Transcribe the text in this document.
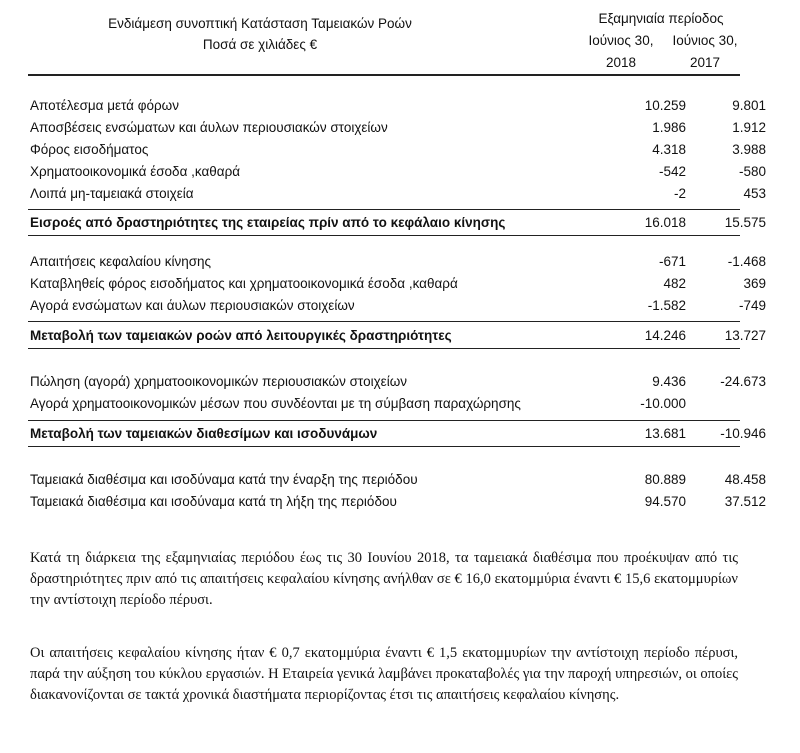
Ενδιάμεση συνοπτική Κατάσταση Ταμειακών Ροών
Ποσά σε χιλιάδες €
Εξαμηνιαία περίοδος
Ιούνιος 30,	Ιούνιος 30,
2018	2017
Αποτέλεσμα μετά φόρων	10.259	9.801
Αποσβέσεις ενσώματων και άυλων περιουσιακών στοιχείων	1.986	1.912
Φόρος εισοδήματος	4.318	3.988
Χρηματοοικονομικά έσοδα ,καθαρά	-542	-580
Λοιπά μη-ταμειακά στοιχεία	-2	453
Εισροές από δραστηριότητες της εταιρείας πρίν από το κεφάλαιο κίνησης	16.018	15.575
Απαιτήσεις κεφαλαίου κίνησης	-671	-1.468
Καταβληθείς φόρος εισοδήματος και χρηματοοικονομικά έσοδα ,καθαρά	482	369
Αγορά ενσώματων και άυλων περιουσιακών στοιχείων	-1.582	-749
Μεταβολή των ταμειακών ροών από λειτουργικές δραστηριότητες	14.246	13.727
Πώληση (αγορά) χρηματοοικονομικών περιουσιακών στοιχείων	9.436	-24.673
Αγορά χρηματοοικονομικών μέσων που συνδέονται με τη σύμβαση παραχώρησης	-10.000
Μεταβολή των ταμειακών διαθεσίμων και ισοδυνάμων	13.681	-10.946
Ταμειακά διαθέσιμα και ισοδύναμα κατά την έναρξη της περιόδου	80.889	48.458
Ταμειακά διαθέσιμα και ισοδύναμα κατά τη λήξη της περιόδου	94.570	37.512

Κατά τη διάρκεια της εξαμηνιαίας περιόδου έως τις 30 Ιουνίου 2018, τα ταμειακά διαθέσιμα που προέκυψαν από τις δραστηριότητες πριν από τις απαιτήσεις κεφαλαίου κίνησης ανήλθαν σε € 16,0 εκατομμύρια έναντι € 15,6 εκατομμυρίων την αντίστοιχη περίοδο πέρυσι.

Οι απαιτήσεις κεφαλαίου κίνησης ήταν € 0,7 εκατομμύρια έναντι € 1,5 εκατομμυρίων την αντίστοιχη περίοδο πέρυσι, παρά την αύξηση του κύκλου εργασιών. Η Εταιρεία γενικά λαμβάνει προκαταβολές για την παροχή υπηρεσιών, οι οποίες διακανονίζονται σε τακτά χρονικά διαστήματα περιορίζοντας έτσι τις απαιτήσεις κεφαλαίου κίνησης.
